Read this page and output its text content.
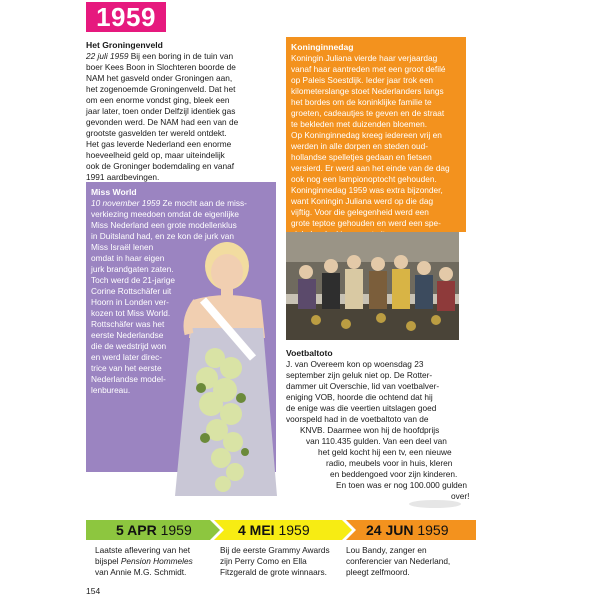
1959
Het Groningenveld
22 juli 1959 Bij een boring in de tuin van
boer Kees Boon in Slochteren boorde de
NAM het gasveld onder Groningen aan,
het zogenoemde Groningenveld. Dat het
om een enorme vondst ging, bleek een
jaar later, toen onder Delfzijl identiek gas
gevonden werd. De NAM had een van de
grootste gasvelden ter wereld ontdekt.
Het gas leverde Nederland een enorme
hoeveelheid geld op, maar uiteindelijk
ook de Groninger bodemdaling en vanaf
1991 aardbevingen.
Koninginnedag
Koningin Juliana vierde haar verjaardag
vanaf haar aantreden met een groot defilé
op Paleis Soestdijk. Ieder jaar trok een
kilometerslange stoet Nederlanders langs
het bordes om de koninklijke familie te
groeten, cadeautjes te geven en de straat
te bekleden met duizenden bloemen.
Op Koninginnedag kreeg iedereen vrij en
werden in alle dorpen en steden oud-
hollandse spelletjes gedaan en fietsen
versierd. Er werd aan het einde van de dag
ook nog een lampionoptocht gehouden.
Koninginnedag 1959 was extra bijzonder,
want Koningin Juliana werd op die dag
vijftig. Voor die gelegenheid werd een
grote teptoe gehouden en werd een spe-
Miss World
10 november 1959 Ze mocht aan de miss-
verkiezing meedoen omdat de eigenlijke
Miss Nederland een grote modellenklus
in Duitsland had, en ze kon de jurk van
Miss Israël lenen
omdat in haar eigen
jurk brandgaten zaten.
Toch werd de 21-jarige
Corine Rottschäfer uit
Hoorn in Londen ver-
kozen tot Miss World.
Rottschäfer was het
eerste Nederlandse
die de wedstrijd won
en werd later direc-
trice van het eerste
Nederlandse model-
lenbureau.
Voetbaltoto
J. van Overeem kon op woensdag 23
september zijn geluk niet op. De Rotter-
dammer uit Overschie, lid van voetbalver-
eniging VOB, hoorde die ochtend dat hij
de enige was die veertien uitslagen goed
voorspeld had in de voetbaltoto van de
KNVB. Daarmee won hij de hoofdprijs
van 110.435 gulden. Van een deel van
het geld kocht hij een tv, een nieuwe
radio, meubels voor in huis, kleren
en beddengoed voor zijn kinderen.
En toen was er nog 100.000 gulden
over!
5 APR 1959	4 MEI 1959	24 JUN 1959
Laatste aflevering van het
bijspel Pension Hommeles
van Annie M.G. Schmidt.
Bij de eerste Grammy Awards
zijn Perry Como en Ella
Fitzgerald de grote winnaars.
Lou Bandy, zanger en
conferencier van Nederland,
pleegt zelfmoord.
154
